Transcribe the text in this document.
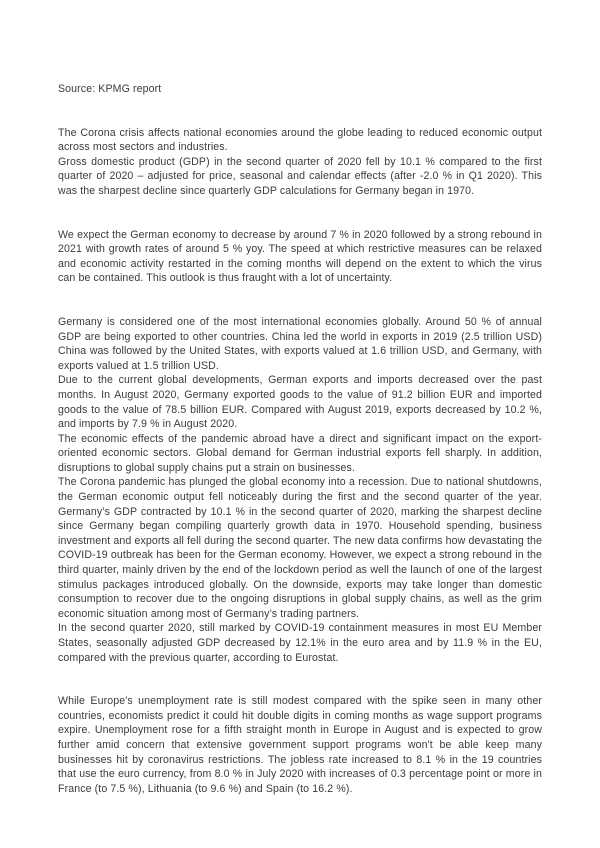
Source: KPMG report

The Corona crisis affects national economies around the globe leading to reduced economic output across most sectors and industries.

Gross domestic product (GDP) in the second quarter of 2020 fell by 10.1 % compared to the first quarter of 2020 – adjusted for price, seasonal and calendar effects (after -2.0 % in Q1 2020). This was the sharpest decline since quarterly GDP calculations for Germany began in 1970.

We expect the German economy to decrease by around 7 % in 2020 followed by a strong rebound in 2021 with growth rates of around 5 % yoy. The speed at which restrictive measures can be relaxed and economic activity restarted in the coming months will depend on the extent to which the virus can be contained. This outlook is thus fraught with a lot of uncertainty.

Germany is considered one of the most international economies globally. Around 50 % of annual GDP are being exported to other countries. China led the world in exports in 2019 (2.5 trillion USD) China was followed by the United States, with exports valued at 1.6 trillion USD, and Germany, with exports valued at 1.5 trillion USD.

Due to the current global developments, German exports and imports decreased over the past months. In August 2020, Germany exported goods to the value of 91.2 billion EUR and imported goods to the value of 78.5 billion EUR. Compared with August 2019, exports decreased by 10.2 %, and imports by 7.9 % in August 2020.

The economic effects of the pandemic abroad have a direct and significant impact on the export-oriented economic sectors. Global demand for German industrial exports fell sharply. In addition, disruptions to global supply chains put a strain on businesses.

The Corona pandemic has plunged the global economy into a recession. Due to national shutdowns, the German economic output fell noticeably during the first and the second quarter of the year. Germany’s GDP contracted by 10.1 % in the second quarter of 2020, marking the sharpest decline since Germany began compiling quarterly growth data in 1970. Household spending, business investment and exports all fell during the second quarter. The new data confirms how devastating the COVID-19 outbreak has been for the German economy. However, we expect a strong rebound in the third quarter, mainly driven by the end of the lockdown period as well the launch of one of the largest stimulus packages introduced globally. On the downside, exports may take longer than domestic consumption to recover due to the ongoing disruptions in global supply chains, as well as the grim economic situation among most of Germany’s trading partners.

In the second quarter 2020, still marked by COVID-19 containment measures in most EU Member States, seasonally adjusted GDP decreased by 12.1% in the euro area and by 11.9 % in the EU, compared with the previous quarter, according to Eurostat.

While Europe's unemployment rate is still modest compared with the spike seen in many other countries, economists predict it could hit double digits in coming months as wage support programs expire. Unemployment rose for a fifth straight month in Europe in August and is expected to grow further amid concern that extensive government support programs won't be able keep many businesses hit by coronavirus restrictions. The jobless rate increased to 8.1 % in the 19 countries that use the euro currency, from 8.0 % in July 2020 with increases of 0.3 percentage point or more in France (to 7.5 %), Lithuania (to 9.6 %) and Spain (to 16.2 %).
